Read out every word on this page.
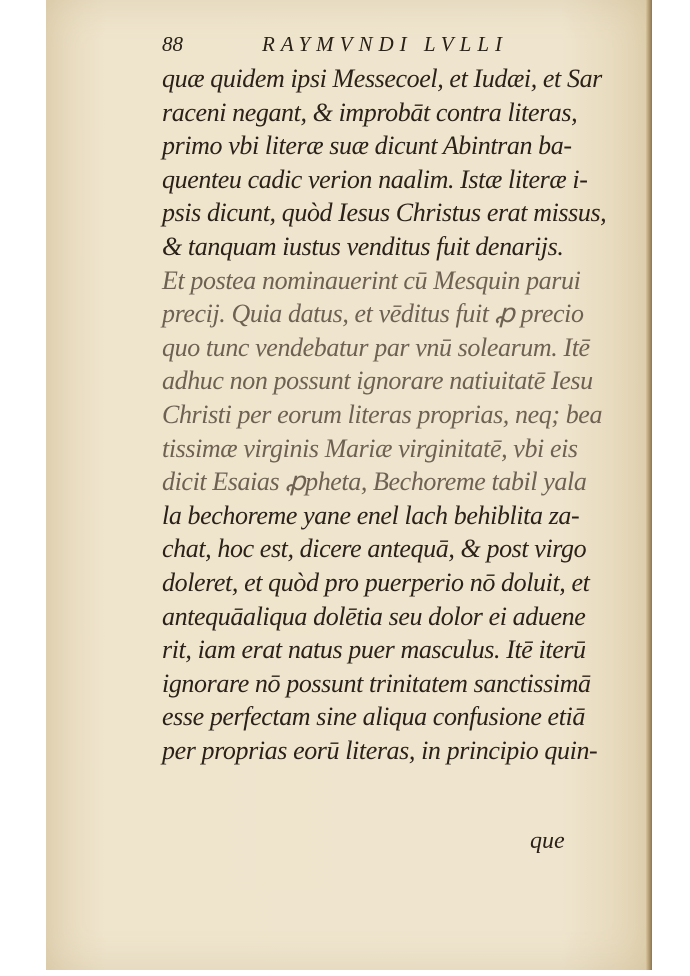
88	RAYMVNDI LVLLI
quæ quidem ipsi Messecoel, et Iudæi, et Sar
raceni negant, & improbāt contra literas,
primo vbi literæ suæ dicunt Abintran ba-
quenteu cadic verion naalim. Istæ literæ i-
psis dicunt, quòd Iesus Christus erat missus,
& tanquam iustus venditus fuit denarijs.
Et postea nominauerint cū Mesquin parui
precij. Quia datus, et vēditus fuit ꝓ precio
quo tunc vendebatur par vnū solearum. Itē
adhuc non possunt ignorare natiuitatē Iesu
Christi per eorum literas proprias, neq; bea
tissimæ virginis Mariæ virginitatē, vbi eis
dicit Esaias ꝓpheta, Bechoreme tabil yala
la bechoreme yane enel lach behiblita za-
chat, hoc est, dicere antequā, & post virgo
doleret, et quòd pro puerperio nō doluit, et
antequāaliqua dolētia seu dolor ei aduene
rit, iam erat natus puer masculus. Itē iterū
ignorare nō possunt trinitatem sanctissimā
esse perfectam sine aliqua confusione etiā
per proprias eorū literas, in principio quin-
que
